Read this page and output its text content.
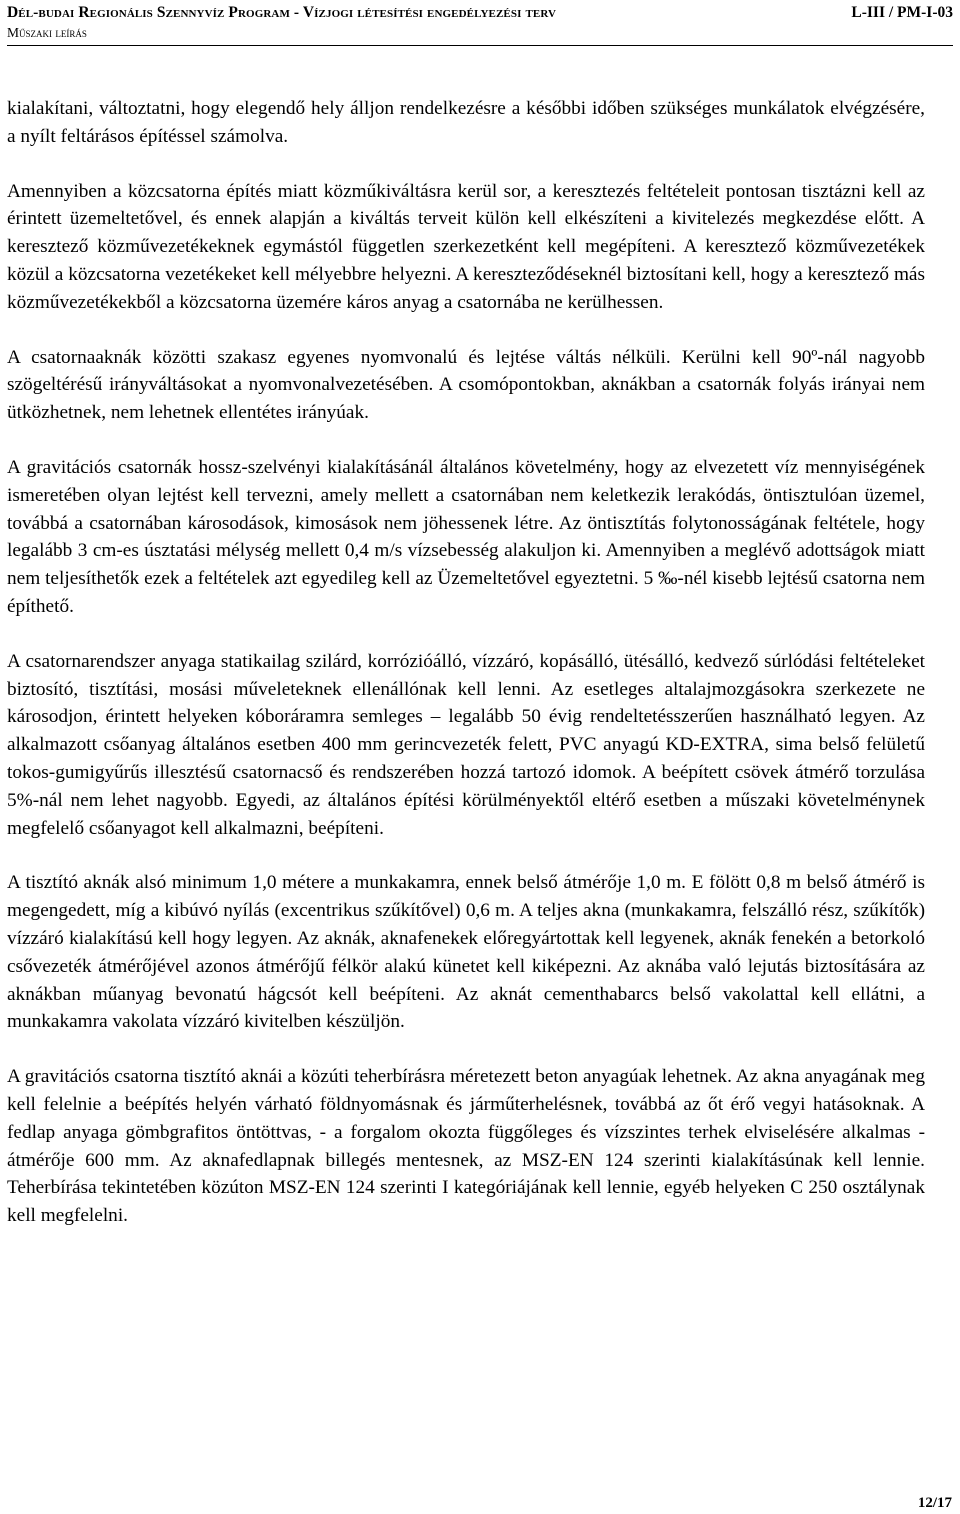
Dél-budai Regionális Szennyvíz Program - Vízjogi létesítési engedélyezési terv	L-III / PM-I-03
Műszaki leírás

kialakítani, változtatni, hogy elegendő hely álljon rendelkezésre a későbbi időben szükséges munkálatok elvégzésére, a nyílt feltárásos építéssel számolva.

Amennyiben a közcsatorna építés miatt közműkiváltásra kerül sor, a keresztezés feltételeit pontosan tisztázni kell az érintett üzemeltetővel, és ennek alapján a kiváltás terveit külön kell elkészíteni a kivitelezés megkezdése előtt. A keresztező közművezetékeknek egymástól független szerkezetként kell megépíteni. A keresztező közművezetékek közül a közcsatorna vezetékeket kell mélyebbre helyezni. A kereszteződéseknél biztosítani kell, hogy a keresztező más közművezetékekből a közcsatorna üzemére káros anyag a csatornába ne kerülhessen.

A csatornaaknák közötti szakasz egyenes nyomvonalú és lejtése váltás nélküli. Kerülni kell 90º-nál nagyobb szögeltérésű irányváltásokat a nyomvonalvezetésében. A csomópontokban, aknákban a csatornák folyás irányai nem ütközhetnek, nem lehetnek ellentétes irányúak.

A gravitációs csatornák hossz-szelvényi kialakításánál általános követelmény, hogy az elvezetett víz mennyiségének ismeretében olyan lejtést kell tervezni, amely mellett a csatornában nem keletkezik lerakódás, öntisztulóan üzemel, továbbá a csatornában károsodások, kimosások nem jöhessenek létre. Az öntisztítás folytonosságának feltétele, hogy legalább 3 cm-es úsztatási mélység mellett 0,4 m/s vízsebesség alakuljon ki. Amennyiben a meglévő adottságok miatt nem teljesíthetők ezek a feltételek azt egyedileg kell az Üzemeltetővel egyeztetni. 5 ‰-nél kisebb lejtésű csatorna nem építhető.

A csatornarendszer anyaga statikailag szilárd, korrózióálló, vízzáró, kopásálló, ütésálló, kedvező súrlódási feltételeket biztosító, tisztítási, mosási műveleteknek ellenállónak kell lenni. Az esetleges altalajmozgásokra szerkezete ne károsodjon, érintett helyeken kóboráramra semleges – legalább 50 évig rendeltetésszerűen használható legyen. Az alkalmazott csőanyag általános esetben 400 mm gerincvezeték felett, PVC anyagú KD-EXTRA, sima belső felületű tokos-gumigyűrűs illesztésű csatornacső és rendszerében hozzá tartozó idomok. A beépített csövek átmérő torzulása 5%-nál nem lehet nagyobb. Egyedi, az általános építési körülményektől eltérő esetben a műszaki követelménynek megfelelő csőanyagot kell alkalmazni, beépíteni.

A tisztító aknák alsó minimum 1,0 métere a munkakamra, ennek belső átmérője 1,0 m. E fölött 0,8 m belső átmérő is megengedett, míg a kibúvó nyílás (excentrikus szűkítővel) 0,6 m. A teljes akna (munkakamra, felszálló rész, szűkítők) vízzáró kialakítású kell hogy legyen. Az aknák, aknafenekek előregyártottak kell legyenek, aknák fenekén a betorkoló csővezeték átmérőjével azonos átmérőjű félkör alakú künetet kell kiképezni. Az aknába való lejutás biztosítására az aknákban műanyag bevonatú hágcsót kell beépíteni. Az aknát cementhabarcs belső vakolattal kell ellátni, a munkakamra vakolata vízzáró kivitelben készüljön.

A gravitációs csatorna tisztító aknái a közúti teherbírásra méretezett beton anyagúak lehetnek. Az akna anyagának meg kell felelnie a beépítés helyén várható földnyomásnak és járműterhelésnek, továbbá az őt érő vegyi hatásoknak. A fedlap anyaga gömbgrafitos öntöttvas, - a forgalom okozta függőleges és vízszintes terhek elviselésére alkalmas - átmérője 600 mm. Az aknafedlapnak billegés mentesnek, az MSZ-EN 124 szerinti kialakításúnak kell lennie. Teherbírása tekintetében közúton MSZ-EN 124 szerinti I kategóriájának kell lennie, egyéb helyeken C 250 osztálynak kell megfelelni.

12/17
